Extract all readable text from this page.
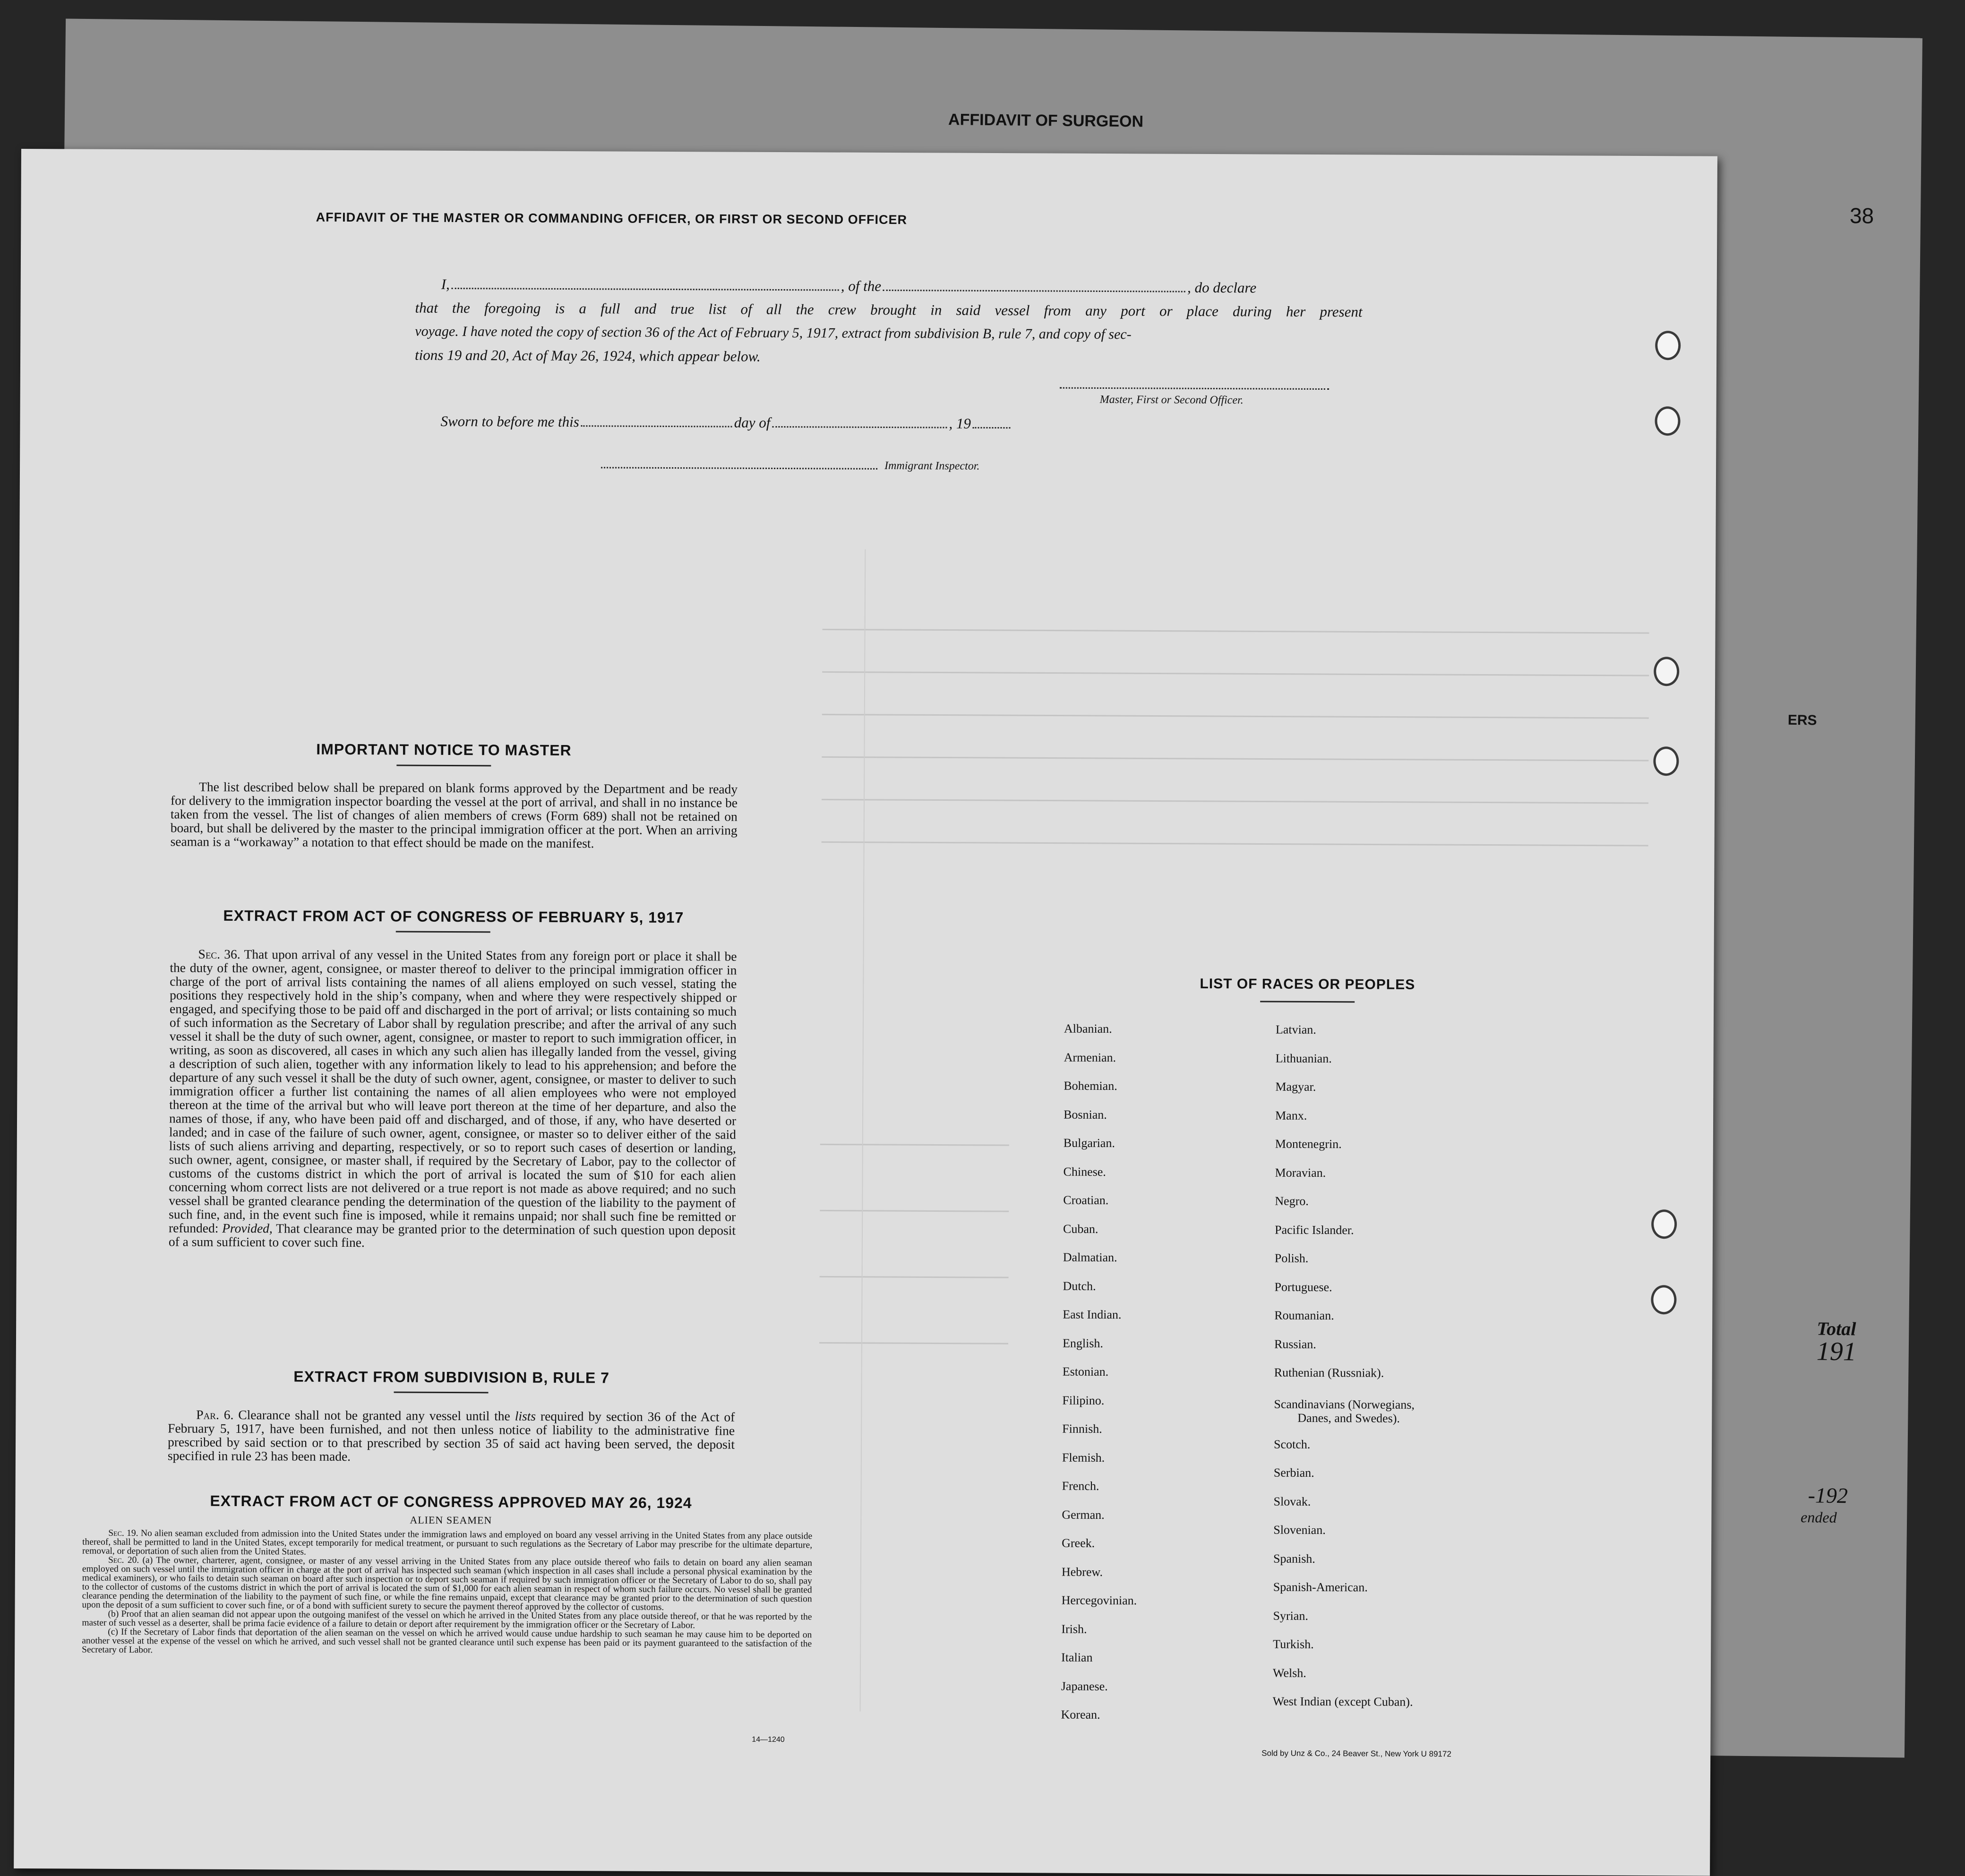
AFFIDAVIT OF SURGEON
38
ERS
Total
191
-192
ended
AFFIDAVIT OF THE MASTER OR COMMANDING OFFICER, OR FIRST OR SECOND OFFICER
I,	, of the	, do declare
that the foregoing is a full and true list of all the crew brought in said vessel from any port or place during her present
voyage. I have noted the copy of section 36 of the Act of February 5, 1917, extract from subdivision B, rule 7, and copy of sec-
tions 19 and 20, Act of May 26, 1924, which appear below.
Master, First or Second Officer.
Sworn to before me this	day of	, 19
Immigrant Inspector.
IMPORTANT NOTICE TO MASTER
The list described below shall be prepared on blank forms approved by the Department and be ready for delivery to the immigration inspector boarding the vessel at the port of arrival, and shall in no instance be taken from the vessel. The list of changes of alien members of crews (Form 689) shall not be retained on board, but shall be delivered by the master to the principal immigration officer at the port. When an arriving seaman is a “workaway” a notation to that effect should be made on the manifest.
EXTRACT FROM ACT OF CONGRESS OF FEBRUARY 5, 1917
Sec. 36. That upon arrival of any vessel in the United States from any foreign port or place it shall be the duty of the owner, agent, consignee, or master thereof to deliver to the principal immigration officer in charge of the port of arrival lists containing the names of all aliens employed on such vessel, stating the positions they respectively hold in the ship’s company, when and where they were respectively shipped or engaged, and specifying those to be paid off and discharged in the port of arrival; or lists containing so much of such information as the Secretary of Labor shall by regulation prescribe; and after the arrival of any such vessel it shall be the duty of such owner, agent, consignee, or master to report to such immigration officer, in writing, as soon as discovered, all cases in which any such alien has illegally landed from the vessel, giving a description of such alien, together with any information likely to lead to his apprehension; and before the departure of any such vessel it shall be the duty of such owner, agent, consignee, or master to deliver to such immigration officer a further list containing the names of all alien employees who were not employed thereon at the time of the arrival but who will leave port thereon at the time of her departure, and also the names of those, if any, who have been paid off and discharged, and of those, if any, who have deserted or landed; and in case of the failure of such owner, agent, consignee, or master so to deliver either of the said lists of such aliens arriving and departing, respectively, or so to report such cases of desertion or landing, such owner, agent, consignee, or master shall, if required by the Secretary of Labor, pay to the collector of customs of the customs district in which the port of arrival is located the sum of $10 for each alien concerning whom correct lists are not delivered or a true report is not made as above required; and no such vessel shall be granted clearance pending the determination of the question of the liability to the payment of such fine, and, in the event such fine is imposed, while it remains unpaid; nor shall such fine be remitted or refunded: Provided, That clearance may be granted prior to the determination of such question upon deposit of a sum sufficient to cover such fine.
EXTRACT FROM SUBDIVISION B, RULE 7
Par. 6. Clearance shall not be granted any vessel until the lists required by section 36 of the Act of February 5, 1917, have been furnished, and not then unless notice of liability to the administrative fine prescribed by said section or to that prescribed by section 35 of said act having been served, the deposit specified in rule 23 has been made.
EXTRACT FROM ACT OF CONGRESS APPROVED MAY 26, 1924
ALIEN SEAMEN
Sec. 19. No alien seaman excluded from admission into the United States under the immigration laws and employed on board any vessel arriving in the United States from any place outside thereof, shall be permitted to land in the United States, except temporarily for medical treatment, or pursuant to such regulations as the Secretary of Labor may prescribe for the ultimate departure, removal, or deportation of such alien from the United States.
Sec. 20. (a) The owner, charterer, agent, consignee, or master of any vessel arriving in the United States from any place outside thereof who fails to detain on board any alien seaman employed on such vessel until the immigration officer in charge at the port of arrival has inspected such seaman (which inspection in all cases shall include a personal physical examination by the medical examiners), or who fails to detain such seaman on board after such inspection or to deport such seaman if required by such immigration officer or the Secretary of Labor to do so, shall pay to the collector of customs of the customs district in which the port of arrival is located the sum of $1,000 for each alien seaman in respect of whom such failure occurs. No vessel shall be granted clearance pending the determination of the liability to the payment of such fine, or while the fine remains unpaid, except that clearance may be granted prior to the determination of such question upon the deposit of a sum sufficient to cover such fine, or of a bond with sufficient surety to secure the payment thereof approved by the collector of customs.
(b) Proof that an alien seaman did not appear upon the outgoing manifest of the vessel on which he arrived in the United States from any place outside thereof, or that he was reported by the master of such vessel as a deserter, shall be prima facie evidence of a failure to detain or deport after requirement by the immigration officer or the Secretary of Labor.
(c) If the Secretary of Labor finds that deportation of the alien seaman on the vessel on which he arrived would cause undue hardship to such seaman he may cause him to be deported on another vessel at the expense of the vessel on which he arrived, and such vessel shall not be granted clearance until such expense has been paid or its payment guaranteed to the satisfaction of the Secretary of Labor.
14—1240
LIST OF RACES OR PEOPLES
Albanian.
Armenian.
Bohemian.
Bosnian.
Bulgarian.
Chinese.
Croatian.
Cuban.
Dalmatian.
Dutch.
East Indian.
English.
Estonian.
Filipino.
Finnish.
Flemish.
French.
German.
Greek.
Hebrew.
Hercegovinian.
Irish.
Italian
Japanese.
Korean.
Latvian.
Lithuanian.
Magyar.
Manx.
Montenegrin.
Moravian.
Negro.
Pacific Islander.
Polish.
Portuguese.
Roumanian.
Russian.
Ruthenian (Russniak).
Scandinavians (Norwegians,
Danes, and Swedes).
Scotch.
Serbian.
Slovak.
Slovenian.
Spanish.
Spanish-American.
Syrian.
Turkish.
Welsh.
West Indian (except Cuban).
Sold by Unz & Co., 24 Beaver St., New York U 89172
